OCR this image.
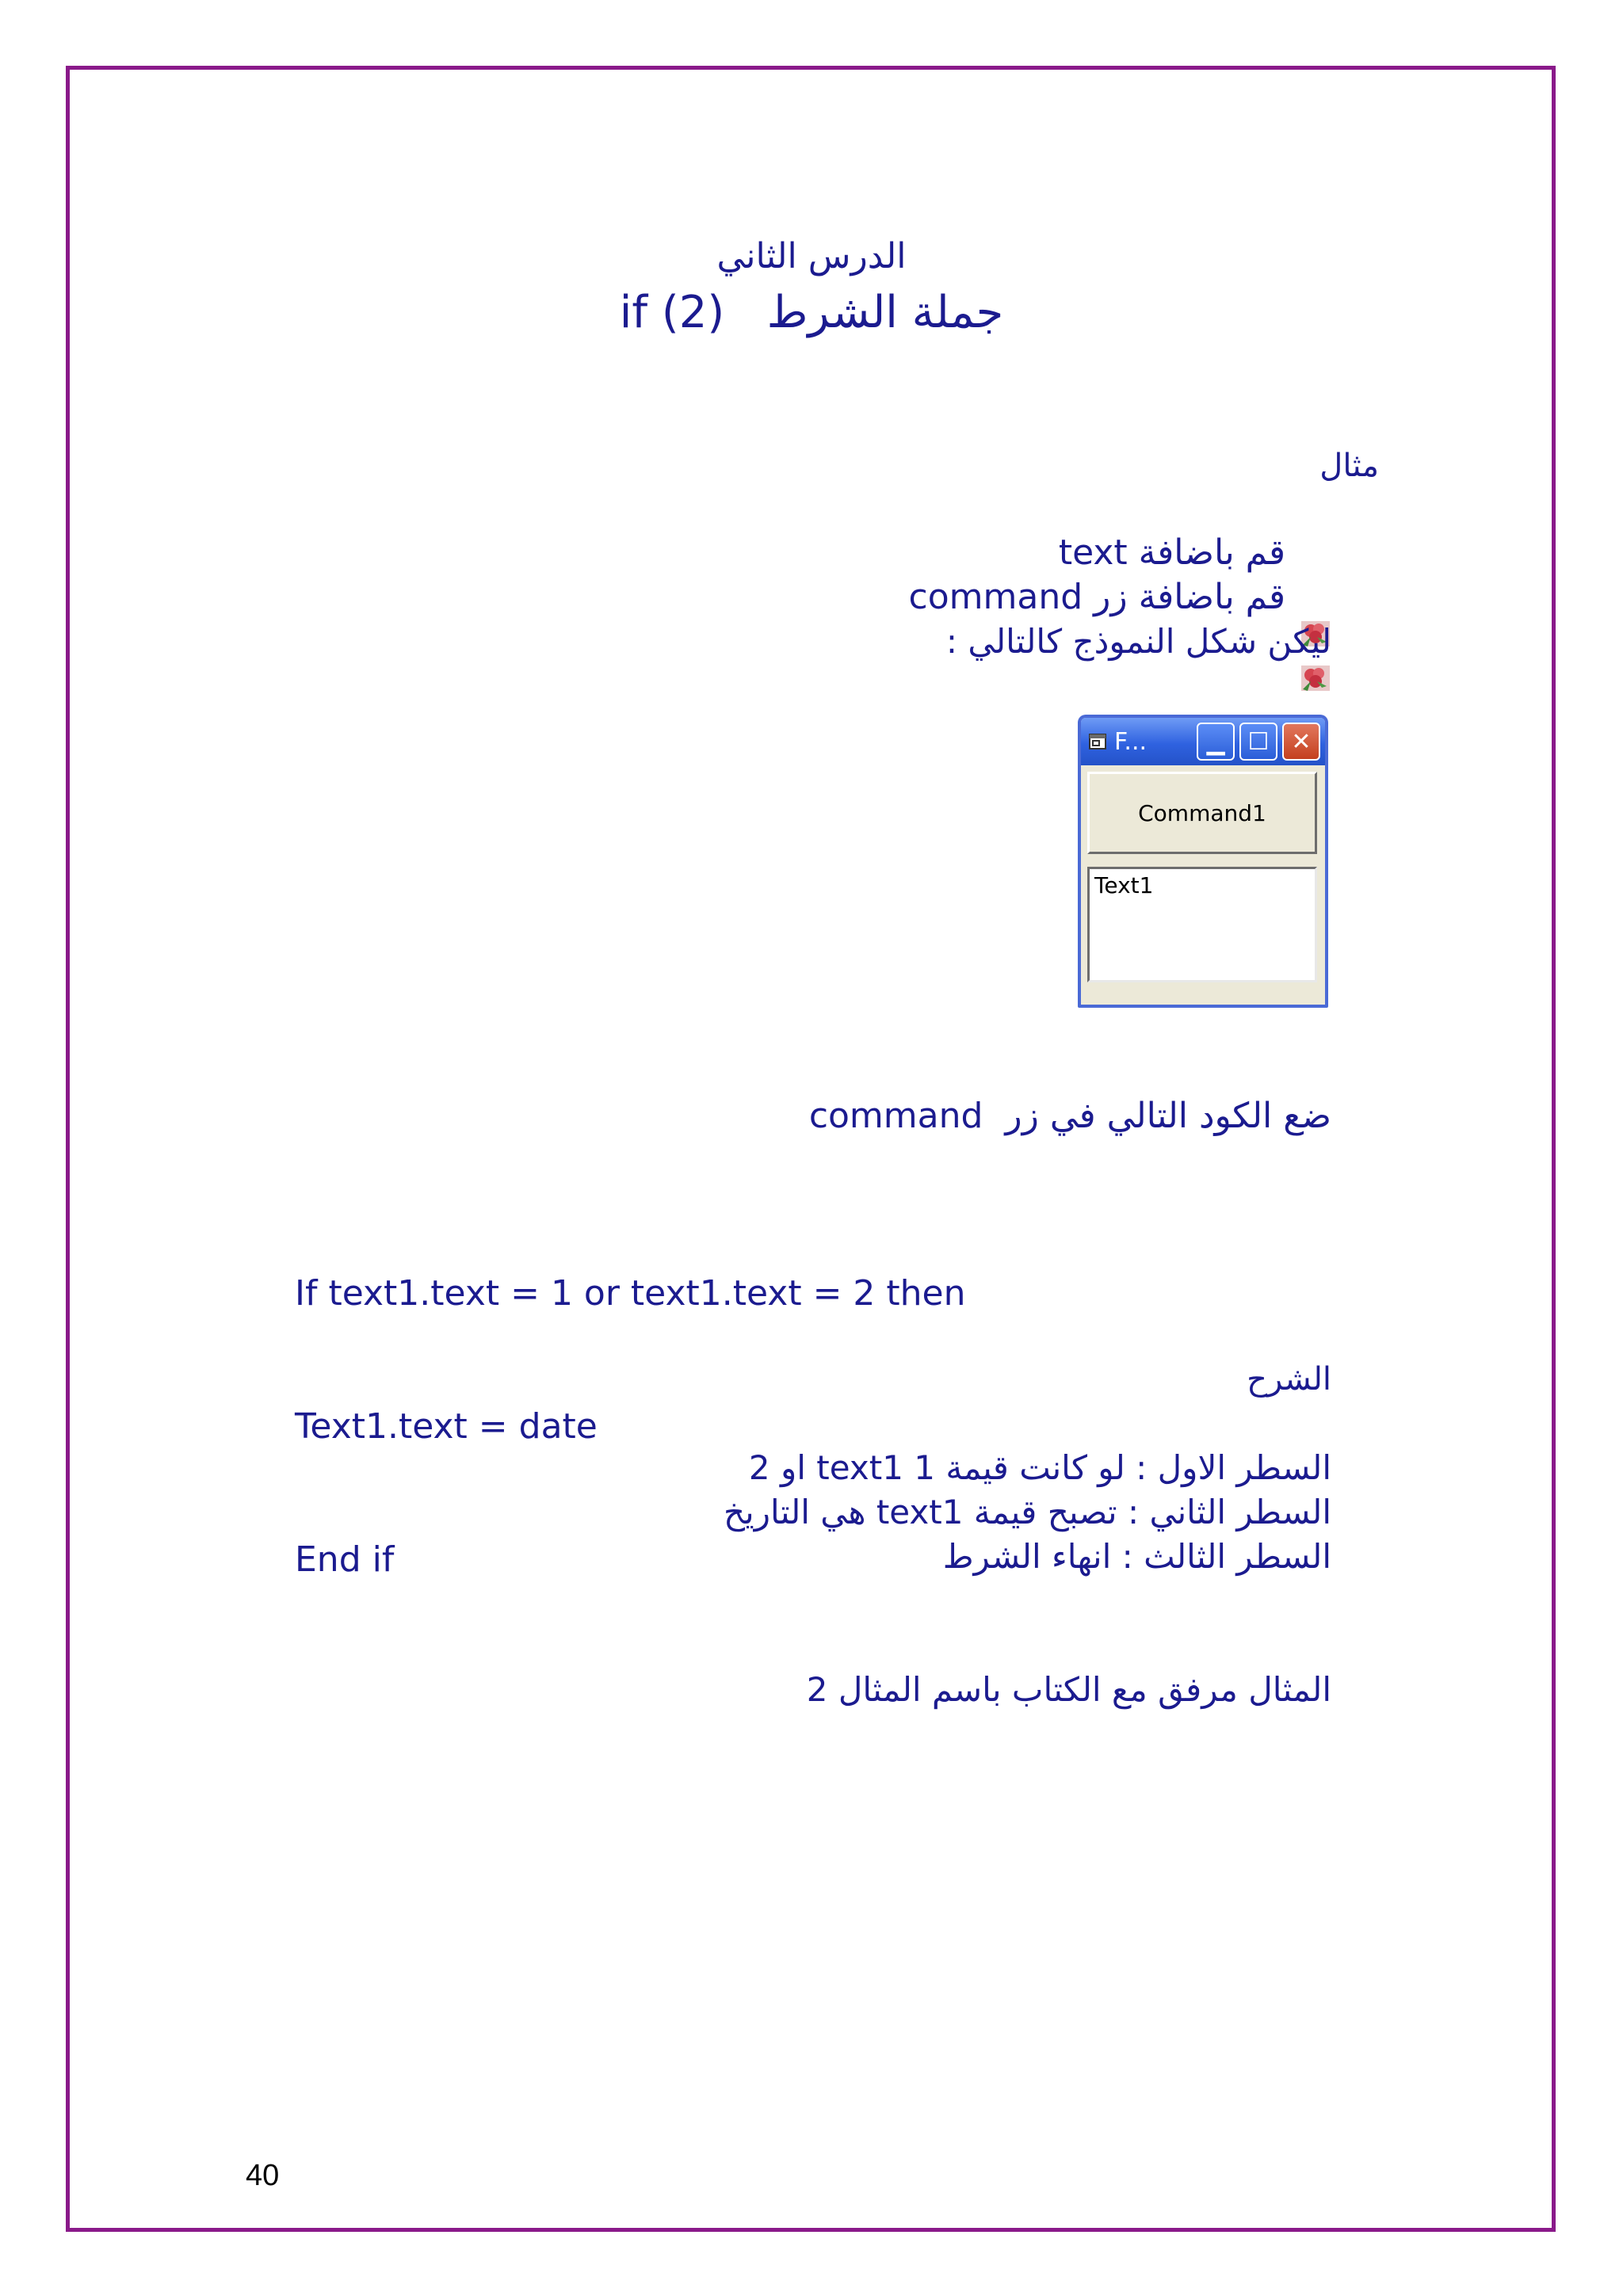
الدرس الثاني
جملة الشرط   if (2)
مثال

قم باضافة text

قم باضافة زر command
ليكن شكل النموذج كالتالي :
F...	▁ ☐ ✕
Command1
Text1
ضع الكود التالي في زر  command

If text1.text = 1 or text1.text = 2 then

Text1.text = date

End if

الشرح
السطر الاول : لو كانت قيمة text1 1 او 2
السطر الثاني : تصبح قيمة text1 هي التاريخ
السطر الثالث : انهاء الشرط
المثال مرفق مع الكتاب باسم المثال 2
40
